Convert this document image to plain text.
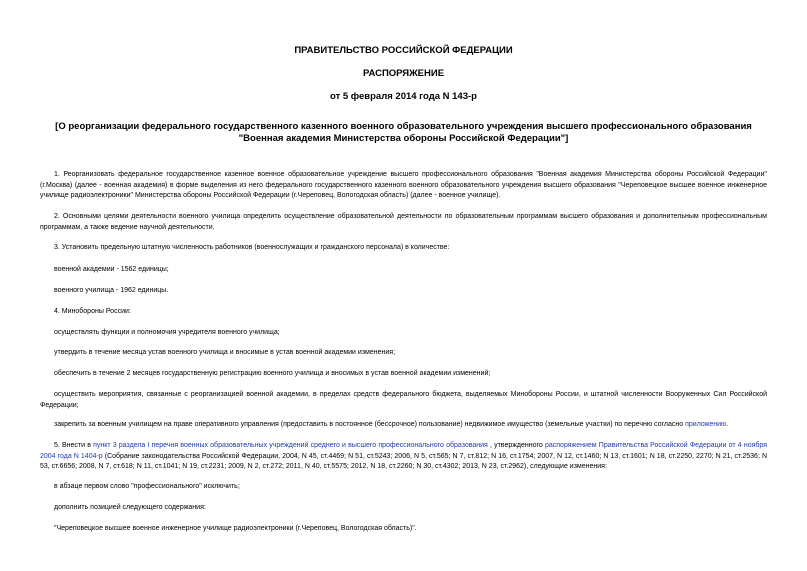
ПРАВИТЕЛЬСТВО РОССИЙСКОЙ ФЕДЕРАЦИИ

РАСПОРЯЖЕНИЕ

от 5 февраля 2014 года N 143-р

[О реорганизации федерального государственного казенного военного образовательного учреждения высшего профессионального образования "Военная академия Министерства обороны Российской Федерации"]

1. Реорганизовать федеральное государственное казенное военное образовательное учреждение высшего профессионального образования "Военная академия Министерства обороны Российской Федерации" (г.Москва) (далее - военная академия) в форме выделения из него федерального государственного казенного военного образовательного учреждения высшего образования "Череповецкое высшее военное инженерное училище радиоэлектроники" Министерства обороны Российской Федерации (г.Череповец, Вологодская область) (далее - военное училище).

2. Основными целями деятельности военного училища определить осуществление образовательной деятельности по образовательным программам высшего образования и дополнительным профессиональным программам, а также ведение научной деятельности.

3. Установить предельную штатную численность работников (военнослужащих и гражданского персонала) в количестве:

военной академии - 1562 единицы;

военного училища - 1962 единицы.

4. Минобороны России:

осуществлять функции и полномочия учредителя военного училища;

утвердить в течение месяца устав военного училища и вносимые в устав военной академии изменения;

обеспечить в течение 2 месяцев государственную регистрацию военного училища и вносимых в устав военной академии изменений;

осуществить мероприятия, связанные с реорганизацией военной академии, в пределах средств федерального бюджета, выделяемых Минобороны России, и штатной численности Вооруженных Сил Российской Федерации;

закрепить за военным училищем на праве оперативного управления (предоставить в постоянное (бессрочное) пользование) недвижимое имущество (земельные участки) по перечню согласно приложению.

5. Внести в пункт 3 раздела I перечня военных образовательных учреждений среднего и высшего профессионального образования , утвержденного распоряжением Правительства Российской Федерации от 4 ноября 2004 года N 1404-р (Собрание законодательства Российской Федерации, 2004, N 45, ст.4469; N 51, ст.5243; 2006, N 5, ст.565; N 7, ст.812; N 16, ст.1754; 2007, N 12, ст.1460; N 13, ст.1601; N 18, ст.2250, 2270; N 21, ст.2536; N 53, ст.6656; 2008, N 7, ст.618; N 11, ст.1041; N 19, ст.2231; 2009, N 2, ст.272; 2011, N 40, ст.5575; 2012, N 18, ст.2260; N 30, ст.4302; 2013, N 23, ст.2962), следующие изменения:

в абзаце первом слово "профессионального" исключить;

дополнить позицией следующего содержания:

"Череповецкое высшее военное инженерное училище радиоэлектроники (г.Череповец, Вологодская область)".
